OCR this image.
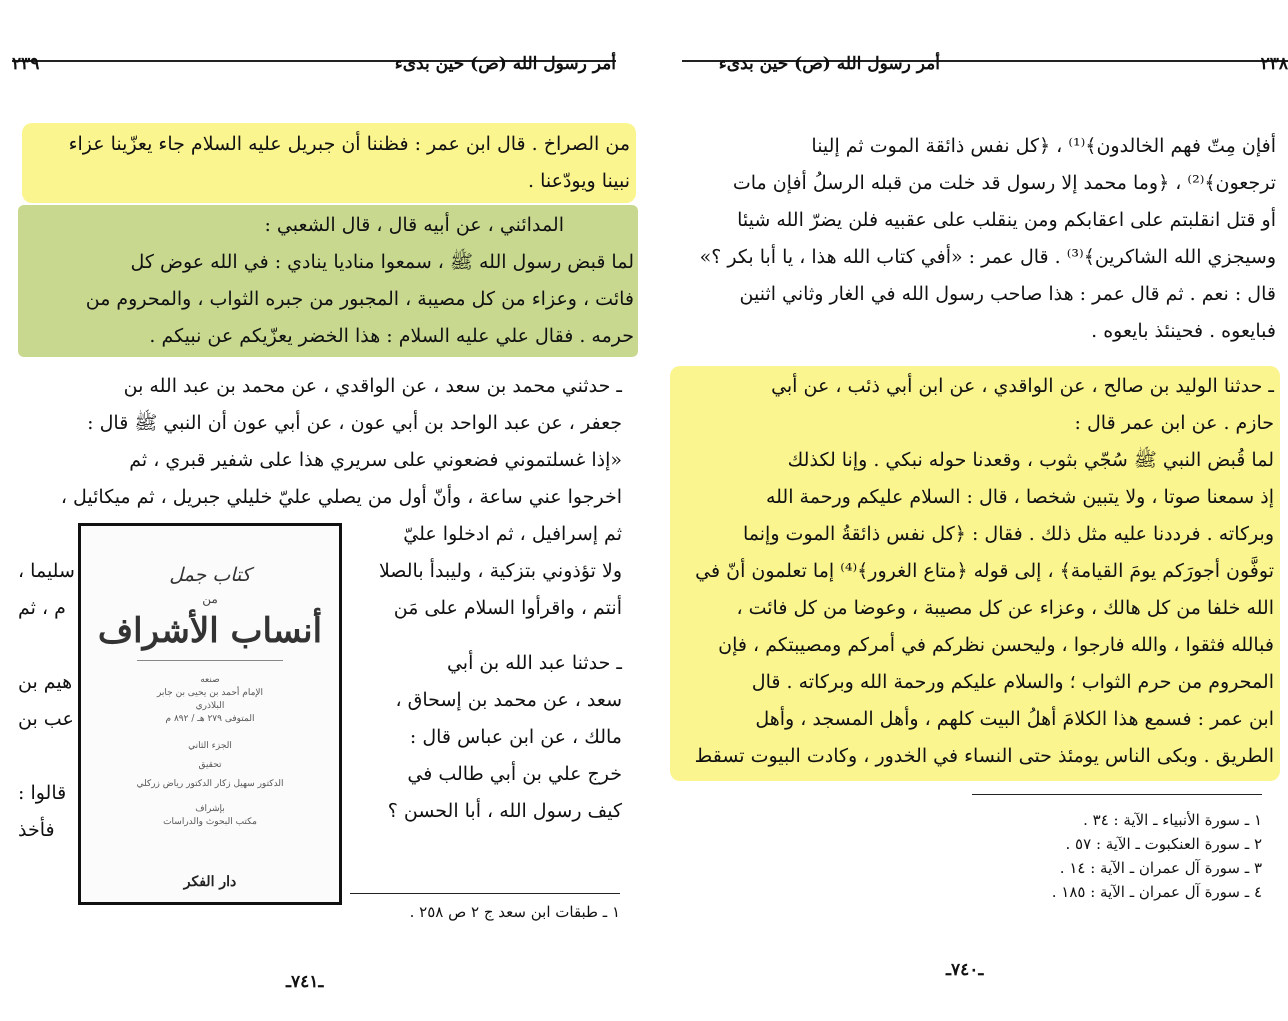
أمر رسول الله (ص) حين بدىء
٢٣٩

من الصراخ . قال ابن عمر : فظننا أن جبريل عليه السلام جاء يعزّينا عزاء

نبينا ويودّعنا .

المدائني ، عن أبيه قال ، قال الشعبي :

لما قبض رسول الله ﷺ ، سمعوا مناديا ينادي : في الله عوض كل

فائت ، وعزاء من كل مصيبة ، المجبور من جبره الثواب ، والمحروم من

حرمه . فقال علي عليه السلام : هذا الخضر يعزّيكم عن نبيكم .

ـ حدثني محمد بن سعد ، عن الواقدي ، عن محمد بن عبد الله بن

جعفر ، عن عبد الواحد بن أبي عون ، عن أبي عون أن النبي ﷺ قال :

«إذا غسلتموني فضعوني على سريري هذا على شفير قبري ، ثم

اخرجوا عني ساعة ، وأنّ أول من يصلي عليّ خليلي جبريل ، ثم ميكائيل ،

ثم إسرافيل ، ثم ادخلوا عليّ

ولا تؤذوني بتزكية ، وليبدأ بالصلا

أنتم ، واقرأوا السلام على مَن

ـ حدثنا عبد الله بن أبي

سعد ، عن محمد بن إسحاق ،

مالك ، عن ابن عباس قال :

خرج علي بن أبي طالب في

كيف رسول الله ، أبا الحسن ؟

سليما ،

م ، ثم

هيم بن

عب بن

قالوا :

فأخذ

١ ـ طبقات ابن سعد ج ٢ ص ٢٥٨ .
ـ٧٤١ـ
أمر رسول الله (ص) حين بدىء	٢٣٨

أفإن مِتّ فهم الخالدون﴾⁽¹⁾ ، ﴿كل نفس ذائقة الموت ثم إلينا

ترجعون﴾⁽²⁾ ، ﴿وما محمد إلا رسول قد خلت من قبله الرسلُ أفإن مات

أو قتل انقلبتم على اعقابكم ومن ينقلب على عقبيه فلن يضرّ الله شيئا

وسيجزي الله الشاكرين﴾⁽³⁾ . قال عمر : «أفي كتاب الله هذا ، يا أبا بكر ؟»

قال : نعم . ثم قال عمر : هذا صاحب رسول الله في الغار وثاني اثنين

فبايعوه . فحينئذ بايعوه .

ـ حدثنا الوليد بن صالح ، عن الواقدي ، عن ابن أبي ذئب ، عن أبي

حازم . عن ابن عمر قال :

لما قُبض النبي ﷺ سُجّي بثوب ، وقعدنا حوله نبكي . وإنا لكذلك

إذ سمعنا صوتا ، ولا يتبين شخصا ، قال : السلام عليكم ورحمة الله

وبركاته . فرددنا عليه مثل ذلك . فقال : ﴿كل نفس ذائقةُ الموت وإنما

توفَّون أجورَكم يومَ القيامة﴾ ، إلى قوله ﴿متاع الغرور﴾⁽⁴⁾ إما تعلمون أنّ في

الله خلفا من كل هالك ، وعزاء عن كل مصيبة ، وعوضا من كل فائت ،

فبالله فثقوا ، والله فارجوا ، وليحسن نظركم في أمركم ومصيبتكم ، فإن

المحروم من حرم الثواب ؛ والسلام عليكم ورحمة الله وبركاته . قال

ابن عمر : فسمع هذا الكلامَ أهلُ البيت كلهم ، وأهل المسجد ، وأهل

الطريق . وبكى الناس يومئذ حتى النساء في الخدور ، وكادت البيوت تسقط

١ ـ سورة الأنبياء ـ الآية : ٣٤ .
٢ ـ سورة العنكبوت ـ الآية : ٥٧ .
٣ ـ سورة آل عمران ـ الآية : ١٤ .
٤ ـ سورة آل عمران ـ الآية : ١٨٥ .
ـ٧٤٠ـ
كتاب جمل
من
أنساب الأشراف
صنعه
الإمام أحمد بن يحيى بن جابر
البلاذري
المتوفى ٢٧٩ هـ / ٨٩٢ م
الجزء الثاني
تحقيق
الدكتور سهيل زكار الدكتور رياض زركلي
بإشراف
مكتب البحوث والدراسات
دار الفكر
